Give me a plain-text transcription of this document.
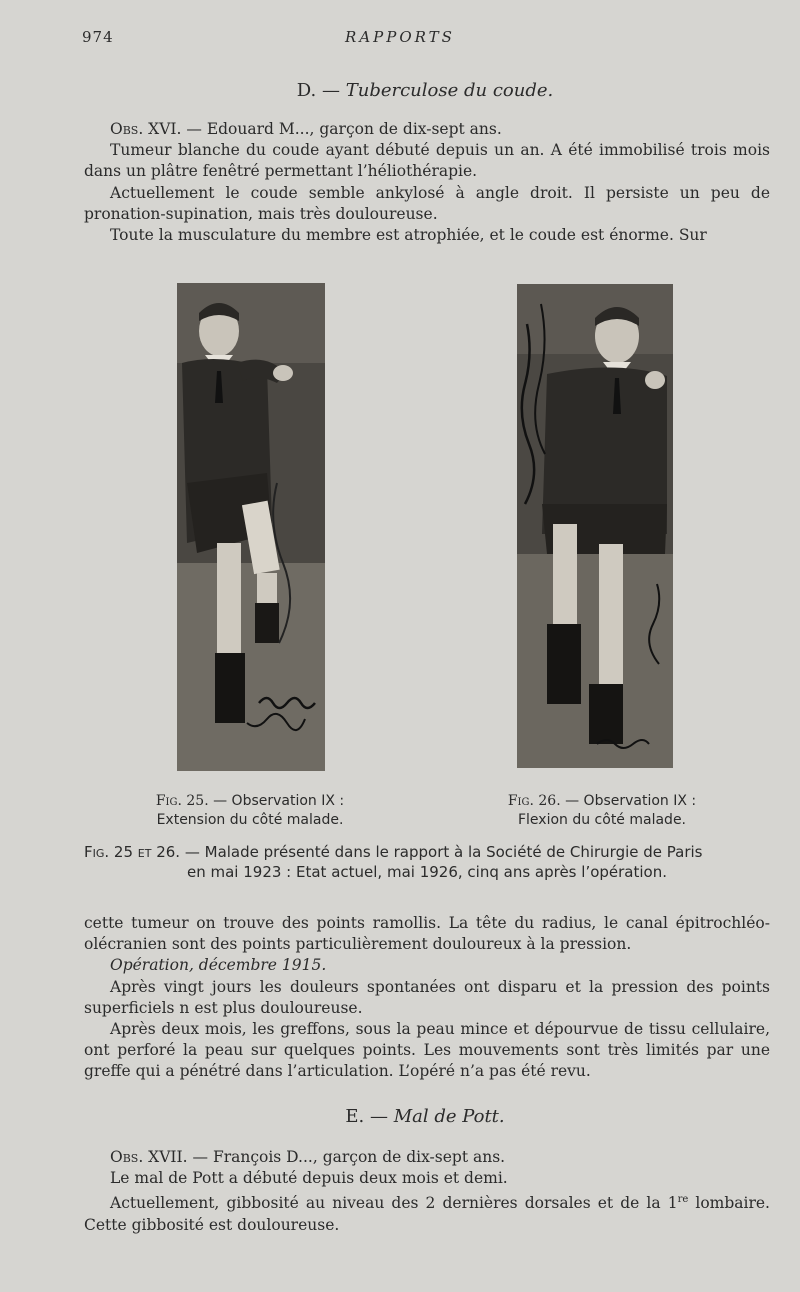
974	RAPPORTS
D. — Tuberculose du coude.

Obs. XVI. — Edouard M..., garçon de dix-sept ans.

Tumeur blanche du coude ayant débuté depuis un an. A été immobilisé trois mois dans un plâtre fenêtré permettant l’héliothérapie.

Actuellement le coude semble ankylosé à angle droit. Il persiste un peu de pronation-supination, mais très douloureuse.

Toute la musculature du membre est atrophiée, et le coude est énorme. Sur

Fig. 25. — Observation IX :
Extension du côté malade.
Fig. 26. — Observation IX :
Flexion du côté malade.
Fig. 25 et 26. — Malade présenté dans le rapport à la Société de Chirurgie de Paris
en mai 1923 : Etat actuel, mai 1926, cinq ans après l’opération.

cette tumeur on trouve des points ramollis. La tête du radius, le canal épitrochléo-olécranien sont des points particulièrement douloureux à la pression.

Opération, décembre 1915.

Après vingt jours les douleurs spontanées ont disparu et la pression des points superficiels n est plus douloureuse.

Après deux mois, les greffons, sous la peau mince et dépourvue de tissu cellulaire, ont perforé la peau sur quelques points. Les mouvements sont très limités par une greffe qui a pénétré dans l’articulation. L’opéré n’a pas été revu.

E. — Mal de Pott.

Obs. XVII. — François D..., garçon de dix-sept ans.

Le mal de Pott a débuté depuis deux mois et demi.

Actuellement, gibbosité au niveau des 2 dernières dorsales et de la 1re lombaire. Cette gibbosité est douloureuse.
